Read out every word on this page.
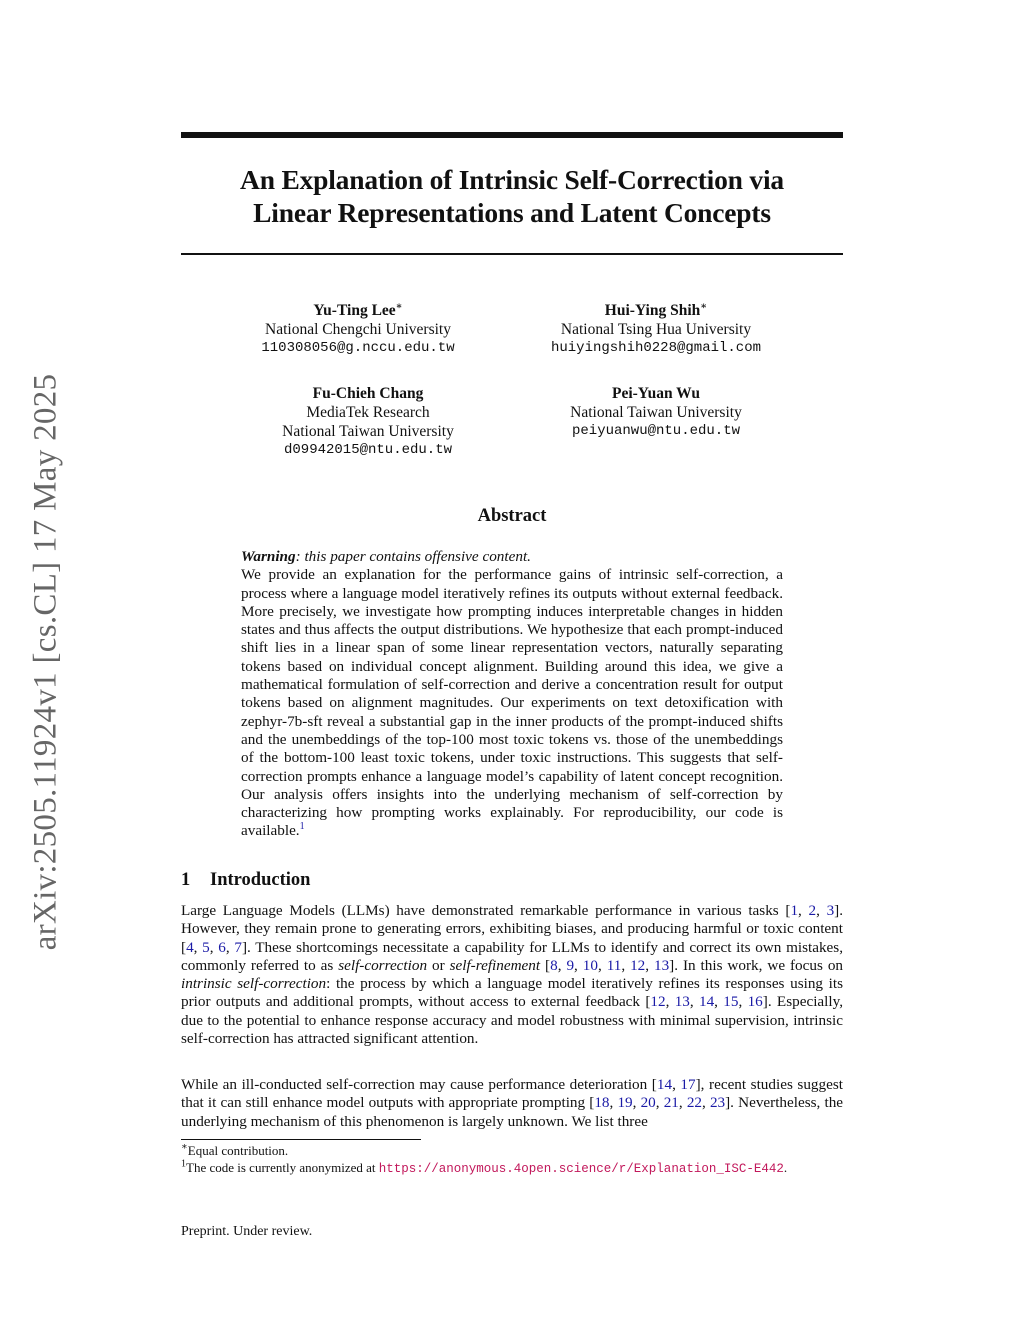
arXiv:2505.11924v1 [cs.CL] 17 May 2025
An Explanation of Intrinsic Self-Correction via
Linear Representations and Latent Concepts
Yu-Ting Lee∗
National Chengchi University
110308056@g.nccu.edu.tw
Hui-Ying Shih∗
National Tsing Hua University
huiyingshih0228@gmail.com
Fu-Chieh Chang
MediaTek Research
National Taiwan University
d09942015@ntu.edu.tw
Pei-Yuan Wu
National Taiwan University
peiyuanwu@ntu.edu.tw
Abstract

Warning: this paper contains offensive content.

We provide an explanation for the performance gains of intrinsic self-correction, a process where a language model iteratively refines its outputs without external feedback. More precisely, we investigate how prompting induces interpretable changes in hidden states and thus affects the output distributions. We hypothesize that each prompt-induced shift lies in a linear span of some linear representation vectors, naturally separating tokens based on individual concept alignment. Building around this idea, we give a mathematical formulation of self-correction and derive a concentration result for output tokens based on alignment magnitudes. Our experiments on text detoxification with zephyr-7b-sft reveal a substantial gap in the inner products of the prompt-induced shifts and the unembeddings of the top-100 most toxic tokens vs. those of the unembeddings of the bottom-100 least toxic tokens, under toxic instructions. This suggests that self-correction prompts enhance a language model’s capability of latent concept recognition. Our analysis offers insights into the underlying mechanism of self-correction by characterizing how prompting works explainably. For reproducibility, our code is available.$^1$

1 Introduction

Large Language Models (LLMs) have demonstrated remarkable performance in various tasks [1, 2, 3]. However, they remain prone to generating errors, exhibiting biases, and producing harmful or toxic content [4, 5, 6, 7]. These shortcomings necessitate a capability for LLMs to identify and correct its own mistakes, commonly referred to as self-correction or self-refinement [8, 9, 10, 11, 12, 13]. In this work, we focus on intrinsic self-correction: the process by which a language model iteratively refines its responses using its prior outputs and additional prompts, without access to external feedback [12, 13, 14, 15, 16]. Especially, due to the potential to enhance response accuracy and model robustness with minimal supervision, intrinsic self-correction has attracted significant attention.

While an ill-conducted self-correction may cause performance deterioration [14, 17], recent studies suggest that it can still enhance model outputs with appropriate prompting [18, 19, 20, 21, 22, 23]. Nevertheless, the underlying mechanism of this phenomenon is largely unknown. We list three

∗Equal contribution.

$^1$The code is currently anonymized at https://anonymous.4open.science/r/Explanation_ISC-E442.

Preprint. Under review.
